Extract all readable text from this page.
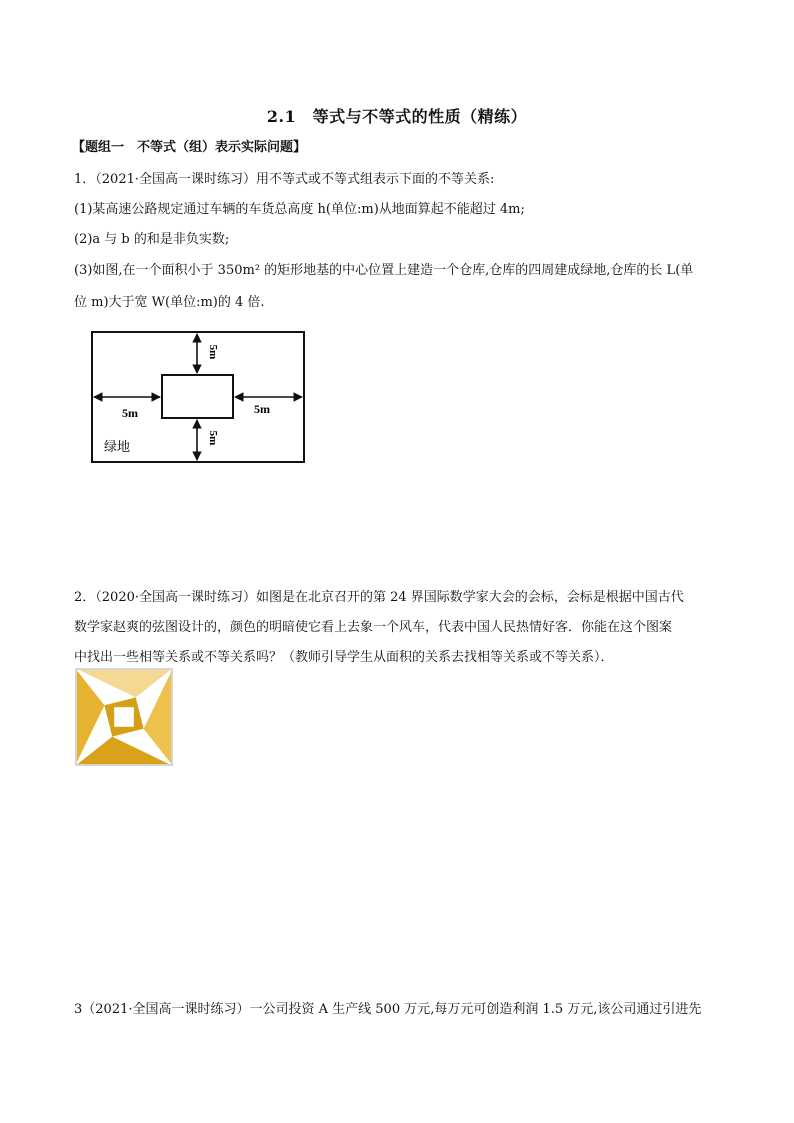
2.1　等式与不等式的性质（精练）
【题组一　不等式（组）表示实际问题】
1．（2021·全国高一课时练习）用不等式或不等式组表示下面的不等关系:
(1)某高速公路规定通过车辆的车货总高度 h(单位:m)从地面算起不能超过 4m;
(2)a 与 b 的和是非负实数;
(3)如图,在一个面积小于 350m² 的矩形地基的中心位置上建造一个仓库,仓库的四周建成绿地,仓库的长 L(单
位 m)大于宽 W(单位:m)的 4 倍.
5m
5m
5m	5m
绿地
2．（2020·全国高一课时练习）如图是在北京召开的第 24 界国际数学家大会的会标，会标是根据中国古代
数学家赵爽的弦图设计的，颜色的明暗使它看上去象一个风车，代表中国人民热情好客．你能在这个图案
中找出一些相等关系或不等关系吗？（教师引导学生从面积的关系去找相等关系或不等关系）．
3（2021·全国高一课时练习）一公司投资 A 生产线 500 万元,每万元可创造利润 1.5 万元,该公司通过引进先
